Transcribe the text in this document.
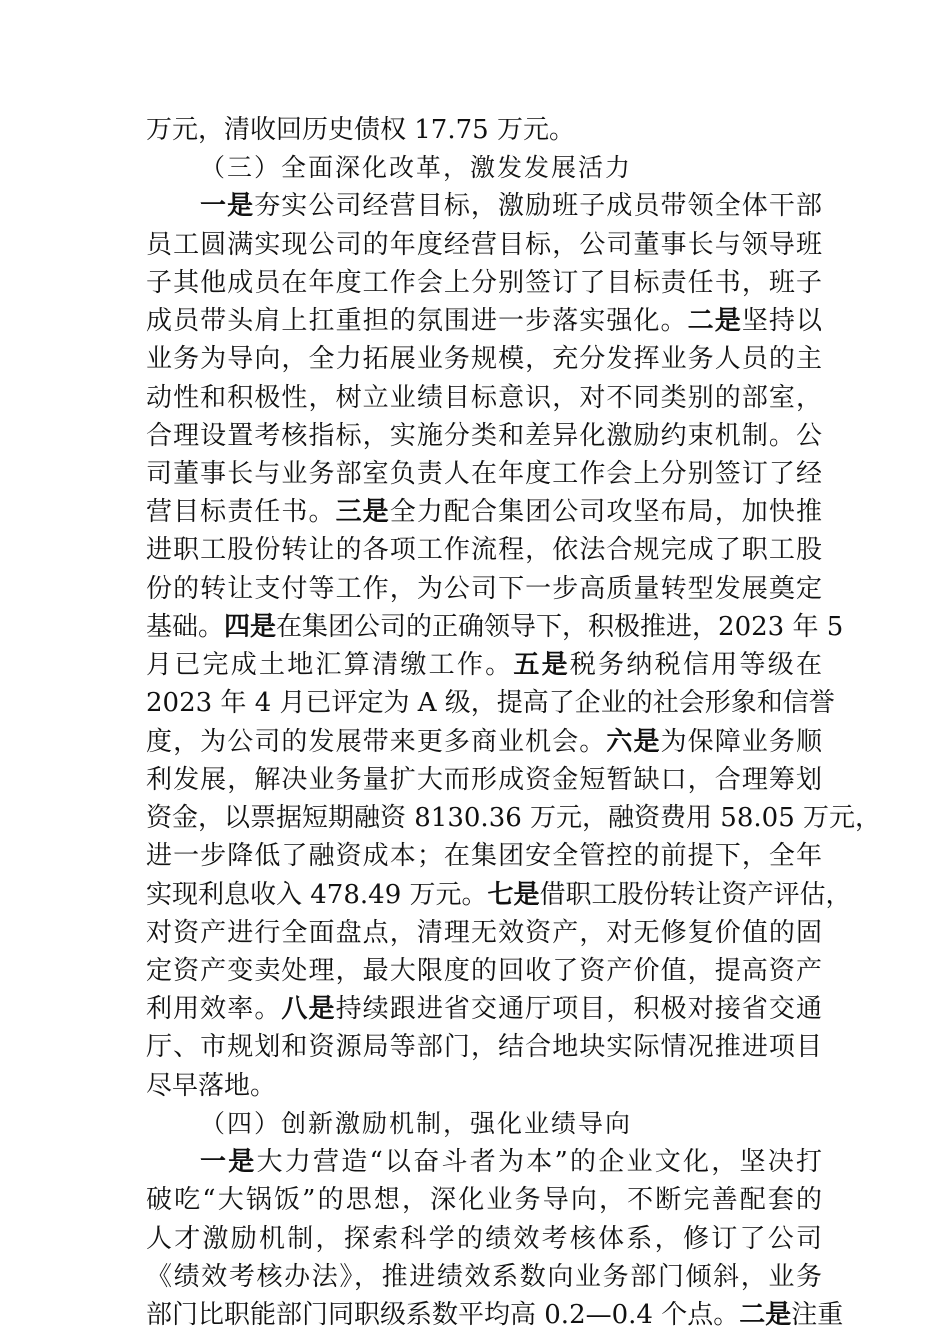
万元，清收回历史债权 17.75 万元。
（三）全面深化改革，激发发展活力
一是夯实公司经营目标，激励班子成员带领全体干部
员工圆满实现公司的年度经营目标，公司董事长与领导班
子其他成员在年度工作会上分别签订了目标责任书，班子
成员带头肩上扛重担的氛围进一步落实强化。二是坚持以
业务为导向，全力拓展业务规模，充分发挥业务人员的主
动性和积极性，树立业绩目标意识，对不同类别的部室，
合理设置考核指标，实施分类和差异化激励约束机制。公
司董事长与业务部室负责人在年度工作会上分别签订了经
营目标责任书。三是全力配合集团公司攻坚布局，加快推
进职工股份转让的各项工作流程，依法合规完成了职工股
份的转让支付等工作，为公司下一步高质量转型发展奠定
基础。四是在集团公司的正确领导下，积极推进，2023 年 5
月已完成土地汇算清缴工作。五是税务纳税信用等级在
2023 年 4 月已评定为 A 级，提高了企业的社会形象和信誉
度，为公司的发展带来更多商业机会。六是为保障业务顺
利发展，解决业务量扩大而形成资金短暂缺口，合理筹划
资金，以票据短期融资 8130.36 万元，融资费用 58.05 万元，
进一步降低了融资成本；在集团安全管控的前提下，全年
实现利息收入 478.49 万元。七是借职工股份转让资产评估，
对资产进行全面盘点，清理无效资产，对无修复价值的固
定资产变卖处理，最大限度的回收了资产价值，提高资产
利用效率。八是持续跟进省交通厅项目，积极对接省交通
厅、市规划和资源局等部门，结合地块实际情况推进项目
尽早落地。
（四）创新激励机制，强化业绩导向
一是大力营造“以奋斗者为本”的企业文化，坚决打
破吃“大锅饭”的思想，深化业务导向，不断完善配套的
人才激励机制，探索科学的绩效考核体系，修订了公司
《绩效考核办法》，推进绩效系数向业务部门倾斜，业务
部门比职能部门同职级系数平均高 0.2—0.4 个点。二是注重
